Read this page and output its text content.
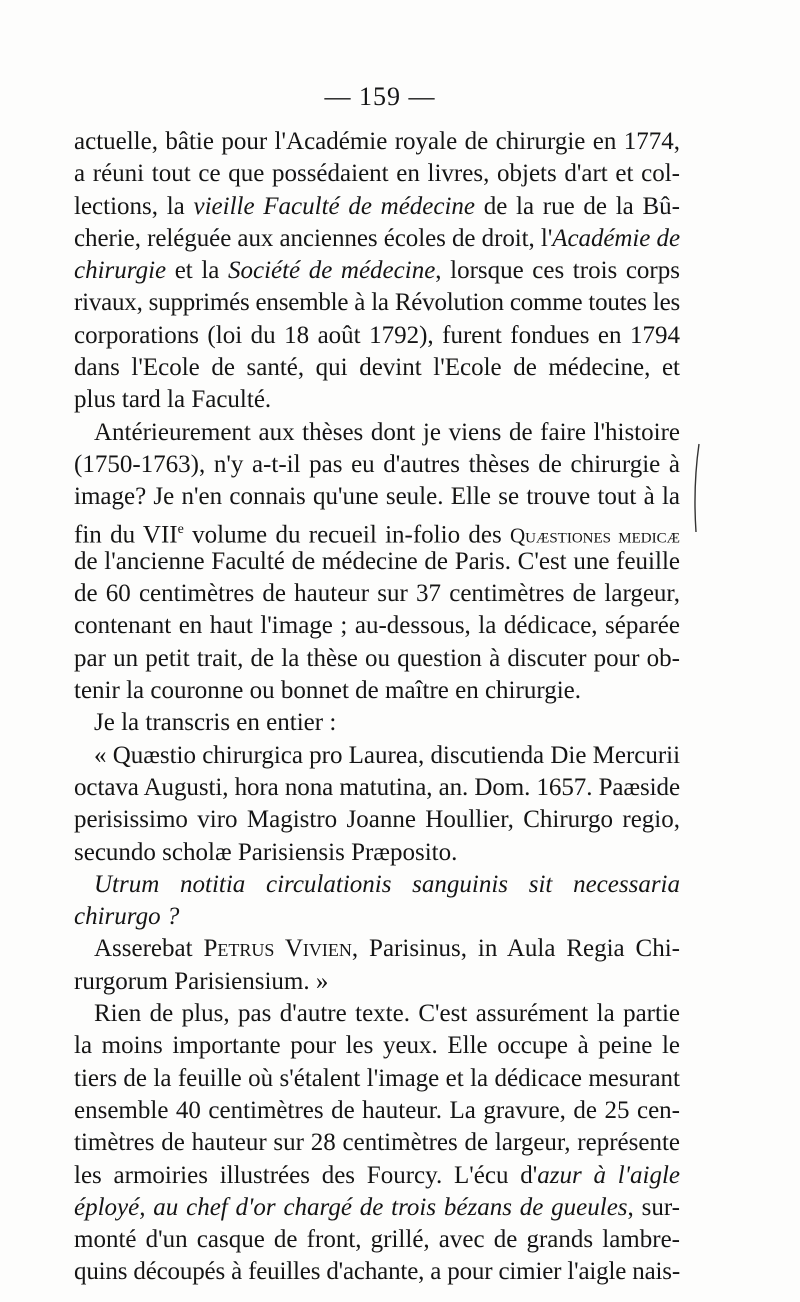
— 159 —
actuelle, bâtie pour l'Académie royale de chirurgie en 1774,
a réuni tout ce que possédaient en livres, objets d'art et col-
lections, la vieille Faculté de médecine de la rue de la Bû-
cherie, reléguée aux anciennes écoles de droit, l'Académie de
chirurgie et la Société de médecine, lorsque ces trois corps
rivaux, supprimés ensemble à la Révolution comme toutes les
corporations (loi du 18 août 1792), furent fondues en 1794
dans l'Ecole de santé, qui devint l'Ecole de médecine, et
plus tard la Faculté.
Antérieurement aux thèses dont je viens de faire l'histoire
(1750-1763), n'y a-t-il pas eu d'autres thèses de chirurgie à
image? Je n'en connais qu'une seule. Elle se trouve tout à la
fin du VIIe volume du recueil in-folio des Quæstiones medicæ
de l'ancienne Faculté de médecine de Paris. C'est une feuille
de 60 centimètres de hauteur sur 37 centimètres de largeur,
contenant en haut l'image ; au-dessous, la dédicace, séparée
par un petit trait, de la thèse ou question à discuter pour ob-
tenir la couronne ou bonnet de maître en chirurgie.
Je la transcris en entier :
« Quæstio chirurgica pro Laurea, discutienda Die Mercurii
octava Augusti, hora nona matutina, an. Dom. 1657. Paæside
perisissimo viro Magistro Joanne Houllier, Chirurgo regio,
secundo scholæ Parisiensis Præposito.
Utrum notitia circulationis sanguinis sit necessaria
chirurgo ?
Asserebat Petrus Vivien, Parisinus, in Aula Regia Chi-
rurgorum Parisiensium. »
Rien de plus, pas d'autre texte. C'est assurément la partie
la moins importante pour les yeux. Elle occupe à peine le
tiers de la feuille où s'étalent l'image et la dédicace mesurant
ensemble 40 centimètres de hauteur. La gravure, de 25 cen-
timètres de hauteur sur 28 centimètres de largeur, représente
les armoiries illustrées des Fourcy. L'écu d'azur à l'aigle
éployé, au chef d'or chargé de trois bézans de gueules, sur-
monté d'un casque de front, grillé, avec de grands lambre-
quins découpés à feuilles d'achante, a pour cimier l'aigle nais-
